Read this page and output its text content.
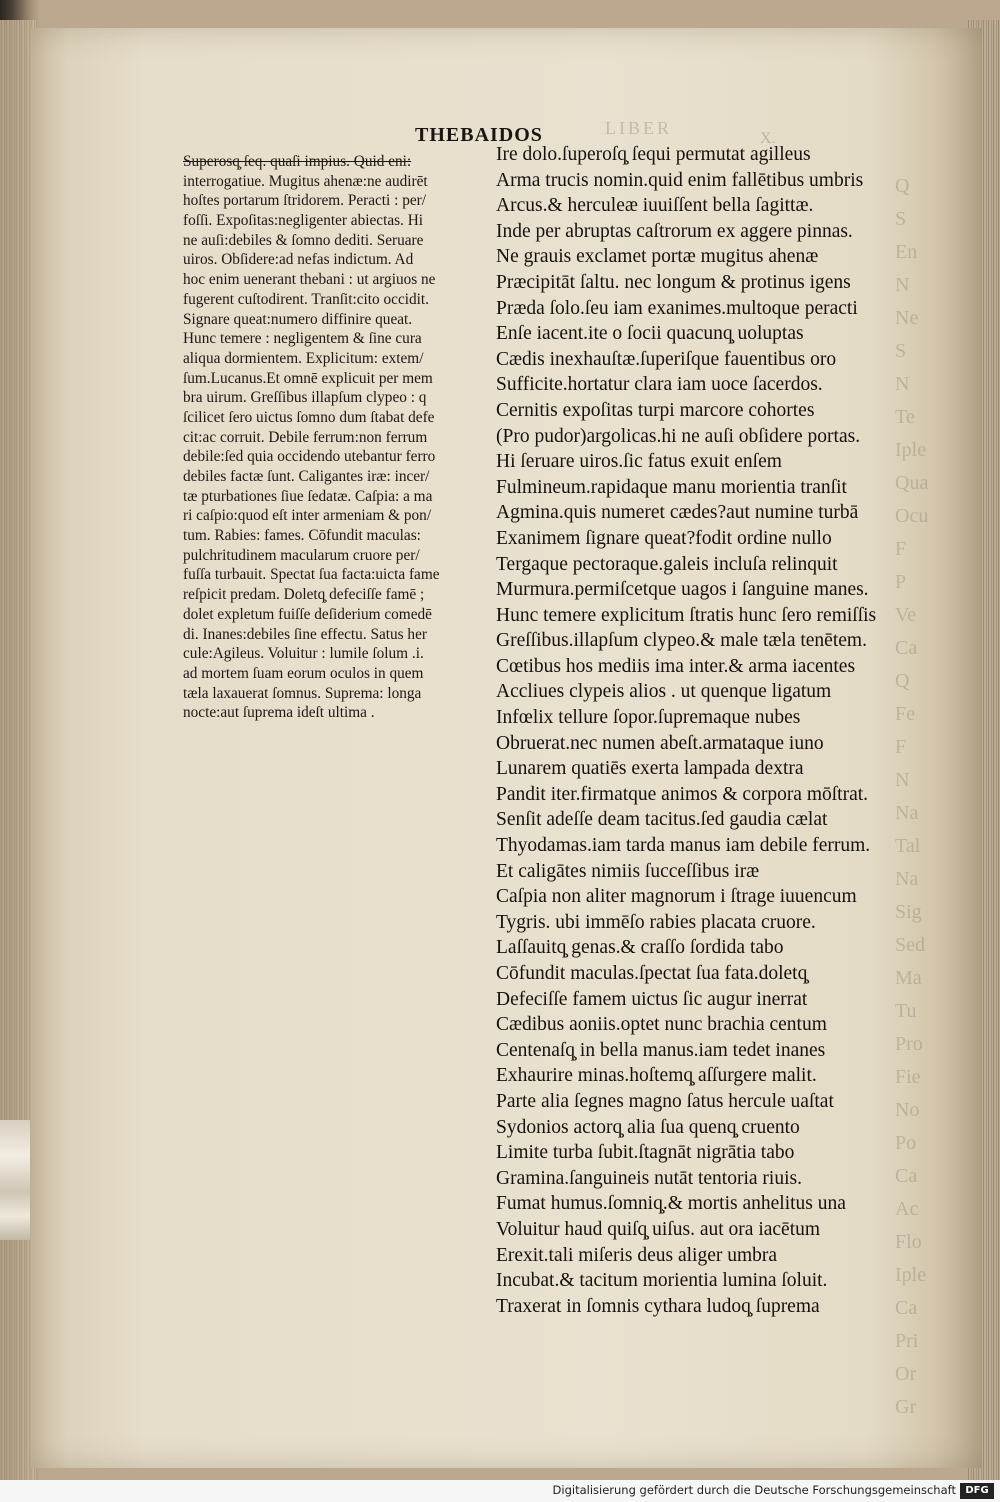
LIBER
X.
Q
S
En
N
Ne
S
N
Te
Iple
Qua
Ocu
F
P
Ve
Ca
Q
Fe
F
N
Na
Tal
Na
Sig
Sed
Ma
Tu
Pro
Fie
No
Po
Ca
Ac
Flo
Iple
Ca
Pri
Or
Gr
THEBAIDOS
Superosq̧ ſeq. quaſi impius. Quid eni:
interrogatiue. Mugitus ahenæ:ne audirēt
hoſtes portarum ſtridorem. Peracti : per/
foſſi. Expoſitas:negligenter abiectas. Hi
ne auſi:debiles & ſomno dediti. Seruare
uiros. Obſidere:ad nefas indictum. Ad
hoc enim uenerant thebani : ut argiuos ne
fugerent cuſtodirent. Tranſit:cito occidit.
Signare queat:numero diffinire queat.
Hunc temere : negligentem & ſine cura
aliqua dormientem. Explicitum: extem/
ſum.Lucanus.Et omnē explicuit per mem
bra uirum. Greſſibus illapſum clypeo : q
ſcilicet ſero uictus ſomno dum ſtabat defe
cit:ac corruit. Debile ferrum:non ferrum
debile:ſed quia occidendo utebantur ferro
debiles factæ ſunt. Caligantes iræ: incer/
tæ pturbationes ſiue ſedatæ. Caſpia: a ma
ri caſpio:quod eſt inter armeniam & pon/
tum. Rabies: fames. Cōfundit maculas:
pulchritudinem macularum cruore per/
fuſſa turbauit. Spectat ſua facta:uicta fame
reſpicit predam. Doletq̧ defeciſſe famē ;
dolet expletum fuiſſe deſiderium comedē
di. Inanes:debiles ſine effectu. Satus her
cule:Agileus. Voluitur : lumile ſolum .i.
ad mortem ſuam eorum oculos in quem
tæla laxauerat ſomnus. Suprema: longa
nocte:aut ſuprema ideſt ultima .
Ire dolo.ſuperoſq̧ ſequi permutat agilleus
Arma trucis nomin.quid enim fallētibus umbris
Arcus.& herculeæ iuuiſſent bella ſagittæ.
Inde per abruptas caſtrorum ex aggere pinnas.
Ne grauis exclamet portæ mugitus ahenæ
Præcipitāt ſaltu. nec longum & protinus igens
Præda ſolo.ſeu iam exanimes.multoque peracti
Enſe iacent.ite o ſocii quacunq̧ uoluptas
Cædis inexhauſtæ.ſuperiſque fauentibus oro
Sufficite.hortatur clara iam uoce ſacerdos.
Cernitis expoſitas turpi marcore cohortes
(Pro pudor)argolicas.hi ne auſi obſidere portas.
Hi ſeruare uiros.ſic fatus exuit enſem
Fulmineum.rapidaque manu morientia tranſit
Agmina.quis numeret cædes?aut numine turbā
Exanimem ſignare queat?fodit ordine nullo
Tergaque pectoraque.galeis incluſa relinquit
Murmura.permiſcetque uagos i ſanguine manes.
Hunc temere explicitum ſtratis hunc ſero remiſſis
Greſſibus.illapſum clypeo.& male tæla tenētem.
Cœtibus hos mediis ima inter.& arma iacentes
Accliues clypeis alios . ut quenque ligatum
Infœlix tellure ſopor.ſupremaque nubes
Obruerat.nec numen abeſt.armataque iuno
Lunarem quatiēs exerta lampada dextra
Pandit iter.firmatque animos & corpora mōſtrat.
Senſit adeſſe deam tacitus.ſed gaudia cælat
Thyodamas.iam tarda manus iam debile ferrum.
Et caligātes nimiis ſucceſſibus iræ
Caſpia non aliter magnorum i ſtrage iuuencum
Tygris. ubi immēſo rabies placata cruore.
Laſſauitq̧ genas.& craſſo ſordida tabo
Cōfundit maculas.ſpectat ſua fata.doletq̧
Defeciſſe famem uictus ſic augur inerrat
Cædibus aoniis.optet nunc brachia centum
Centenaſq̧ in bella manus.iam tedet inanes
Exhaurire minas.hoſtemq̧ aſſurgere malit.
Parte alia ſegnes magno ſatus hercule uaſtat
Sydonios actorq̧ alia ſua quenq̧ cruento
Limite turba ſubit.ſtagnāt nigrātia tabo
Gramina.ſanguineis nutāt tentoria riuis.
Fumat humus.ſomniq̧.& mortis anhelitus una
Voluitur haud quiſq̧ uiſus. aut ora iacētum
Erexit.tali miſeris deus aliger umbra
Incubat.& tacitum morientia lumina ſoluit.
Traxerat in ſomnis cythara ludoq̧ ſuprema
Digitalisierung gefördert durch die Deutsche Forschungsgemeinschaft DFG
